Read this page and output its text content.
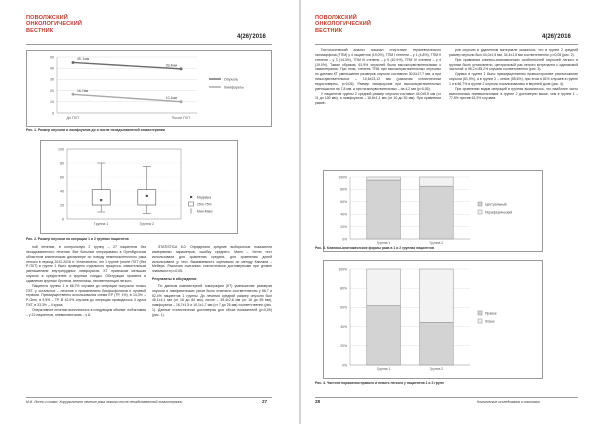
ПОВОЛЖСКИЙ
ОНКОЛОГИЧЕСКИЙ
ВЕСТНИК
4(26)'2016
0
10
20
30
40
50
До ПХТ	После ПХТ
45, 1мм
39,4мм
16,7мм
10,1мм
Опухоль
Лимфоузлы
Рис. 1. Размер опухоли и лимфоузлов до и после неоадъювантной химиотерапии
0
20
40
60
80
100
Группа 1	Группа 2
Медиана
25%-75%
Мин-Макс
Рис. 2. Размер опухоли на операции 1 и 2 группах пациентов

ной лечение, в контрольную 2 группу – 27 пациентов без неоадъювантного лечения. Все больные оперированы в Оренбургском областном клиническом диспансере по поводу немелкоклеточного рака легкого в период 2012-2016 гг. Установлено, что 1 группе (после ПХТ (без Р-ПХТ) в группе 1 было проведено отдельного процесса: значительным уменьшением внутригрудных лимфоузлов, КТ признаком меньшая опухоль в средостение и крупные сосуды. Обструкция просвета и сдавление крупных бронхов, ателектазы, гиповентиляция легкого.

Пациенты группы 1 в 66,7% случаев до операции получали только ПХТ, у остальных – лечение с применением бисфосфонатов и лучевой терапии. Преимущественно использовался схема ЕР (ТР, 1%), в 14,3% – Р-Gem, в 9,5% – ТР. В 42,9% случаев до операции проводилось 4 курса ПХТ, в 33,3% – 4 курса.

Оперативное лечение выполнялось в следующем объеме: лобэктомия – у 22 пациентов, пневмонэктомия – у 8.

STATISTICA 6.0. Определяли средние выборочные показатели измеряемых параметров, ошибку среднего. Манн – Уитни тест использовали для сравнения средних, для сравнения долей использовали χ² тест. Выживаемость оценивали по методу Каплана – Мейера. Различия считались статистически достоверными при уровне значимости p<0,05.

Результаты и обсуждение

По данным компьютерной томографии (КТ) уменьшение размеров опухоли и лимфатических узлов было отмечено соответственно у 66,7 и 52,4% пациентов 1 группы. До лечения средний размер опухоли был 45,1±4,1 мм (от 18 до 84 мм), после – 39,4±2,8 мм (от 16 до 55 мм), лимфоузлов – 16,7±1,5 и 10,1±1,7 мм (от 7 до 25 мм) соответственно (рис. 1). Данные статистически достоверны для обоих показателей (p<0,05) (рис. 1).

М.И. Лосев и соавт. Хирургическое лечение рака легкого после неоадъювантной химиотерапии	27
ПОВОЛЖСКИЙ
ОНКОЛОГИЧЕСКИЙ
ВЕСТНИК
4(26)'2016

Гистологический анализ показал отсутствие терапевтического патоморфоза (ТПМ) у 4 пациентов (19,0%), ТПМ I степени – у 1 (4,8%), ТПМ II степени – у 3 (14,3%), ТПМ III степени – у 9 (42,9%), ТПМ IV степени – у 4 (19,0%). Таким образом, 61,9% опухолей были высокочувствительными к химиотерапии. При этом, степень ТПМ при высокочувствительных опухолях по данным КТ уменьшение размеров опухоли составило 30,5±17,7 мм, а при низкочувствительных – 10,6±23,12 мм (различия статистически недостоверны, p>0,05). Размер лимфоузлов при высокочувствительных уменьшился на 7,8 мм, а при низкочувствительных – на 4,2 мм (p>0,05).

У пациентов группы 2 средний размер опухоли составил 44,0±5,5 мм (от 11 до 100 мм), а лимфоузлов – 16,6±1,1 мм (от 10 до 30 мм). При сравнении разме-

ров опухоли в удаленном материале оказалось, что в группе 2 средний размер опухоли был 44,0±1,5 мм, 34,4±1,5 мм соответственно, p>0,05 (рис. 2).

При сравнении клинико-анатомических особенностей опухолей легкого в группах было установлено, центральный рак легкого встречался с одинаковой частотой: в 95,2 и 85,2% случаев соответственно (рис. 3).

Однако в группе 1 было преимущественно правостороннее расположение опухоли (61,9%), а в группе 2 – левое (55,6%), при этом в 81% случаев в группе 1 и в 66,7% в группе 2 опухоль локализовалась в верхней доле (рис. 4).

При сравнении видов операций в группах выяснилось, что наиболее часто выполнялась пневмонэктомия: в группе 2 достоверно выше, чем в группе 1 – 77,8% против 61,9% случаев.

0%
20%
40%
60%
80%
100%
Группа 1	Группа 2
Центральный
Периферический
Рис. 3. Клинико-анатомические формы рака в 1 и 2 группах пациентов
0%
20%
40%
60%
80%
100%
Группа 1	Группа 2
Правое
Левое
Рис. 4. Частота поражения правого и левого легкого у пациентов 1 и 2 групп
28	Клинические исследования в онкологии
